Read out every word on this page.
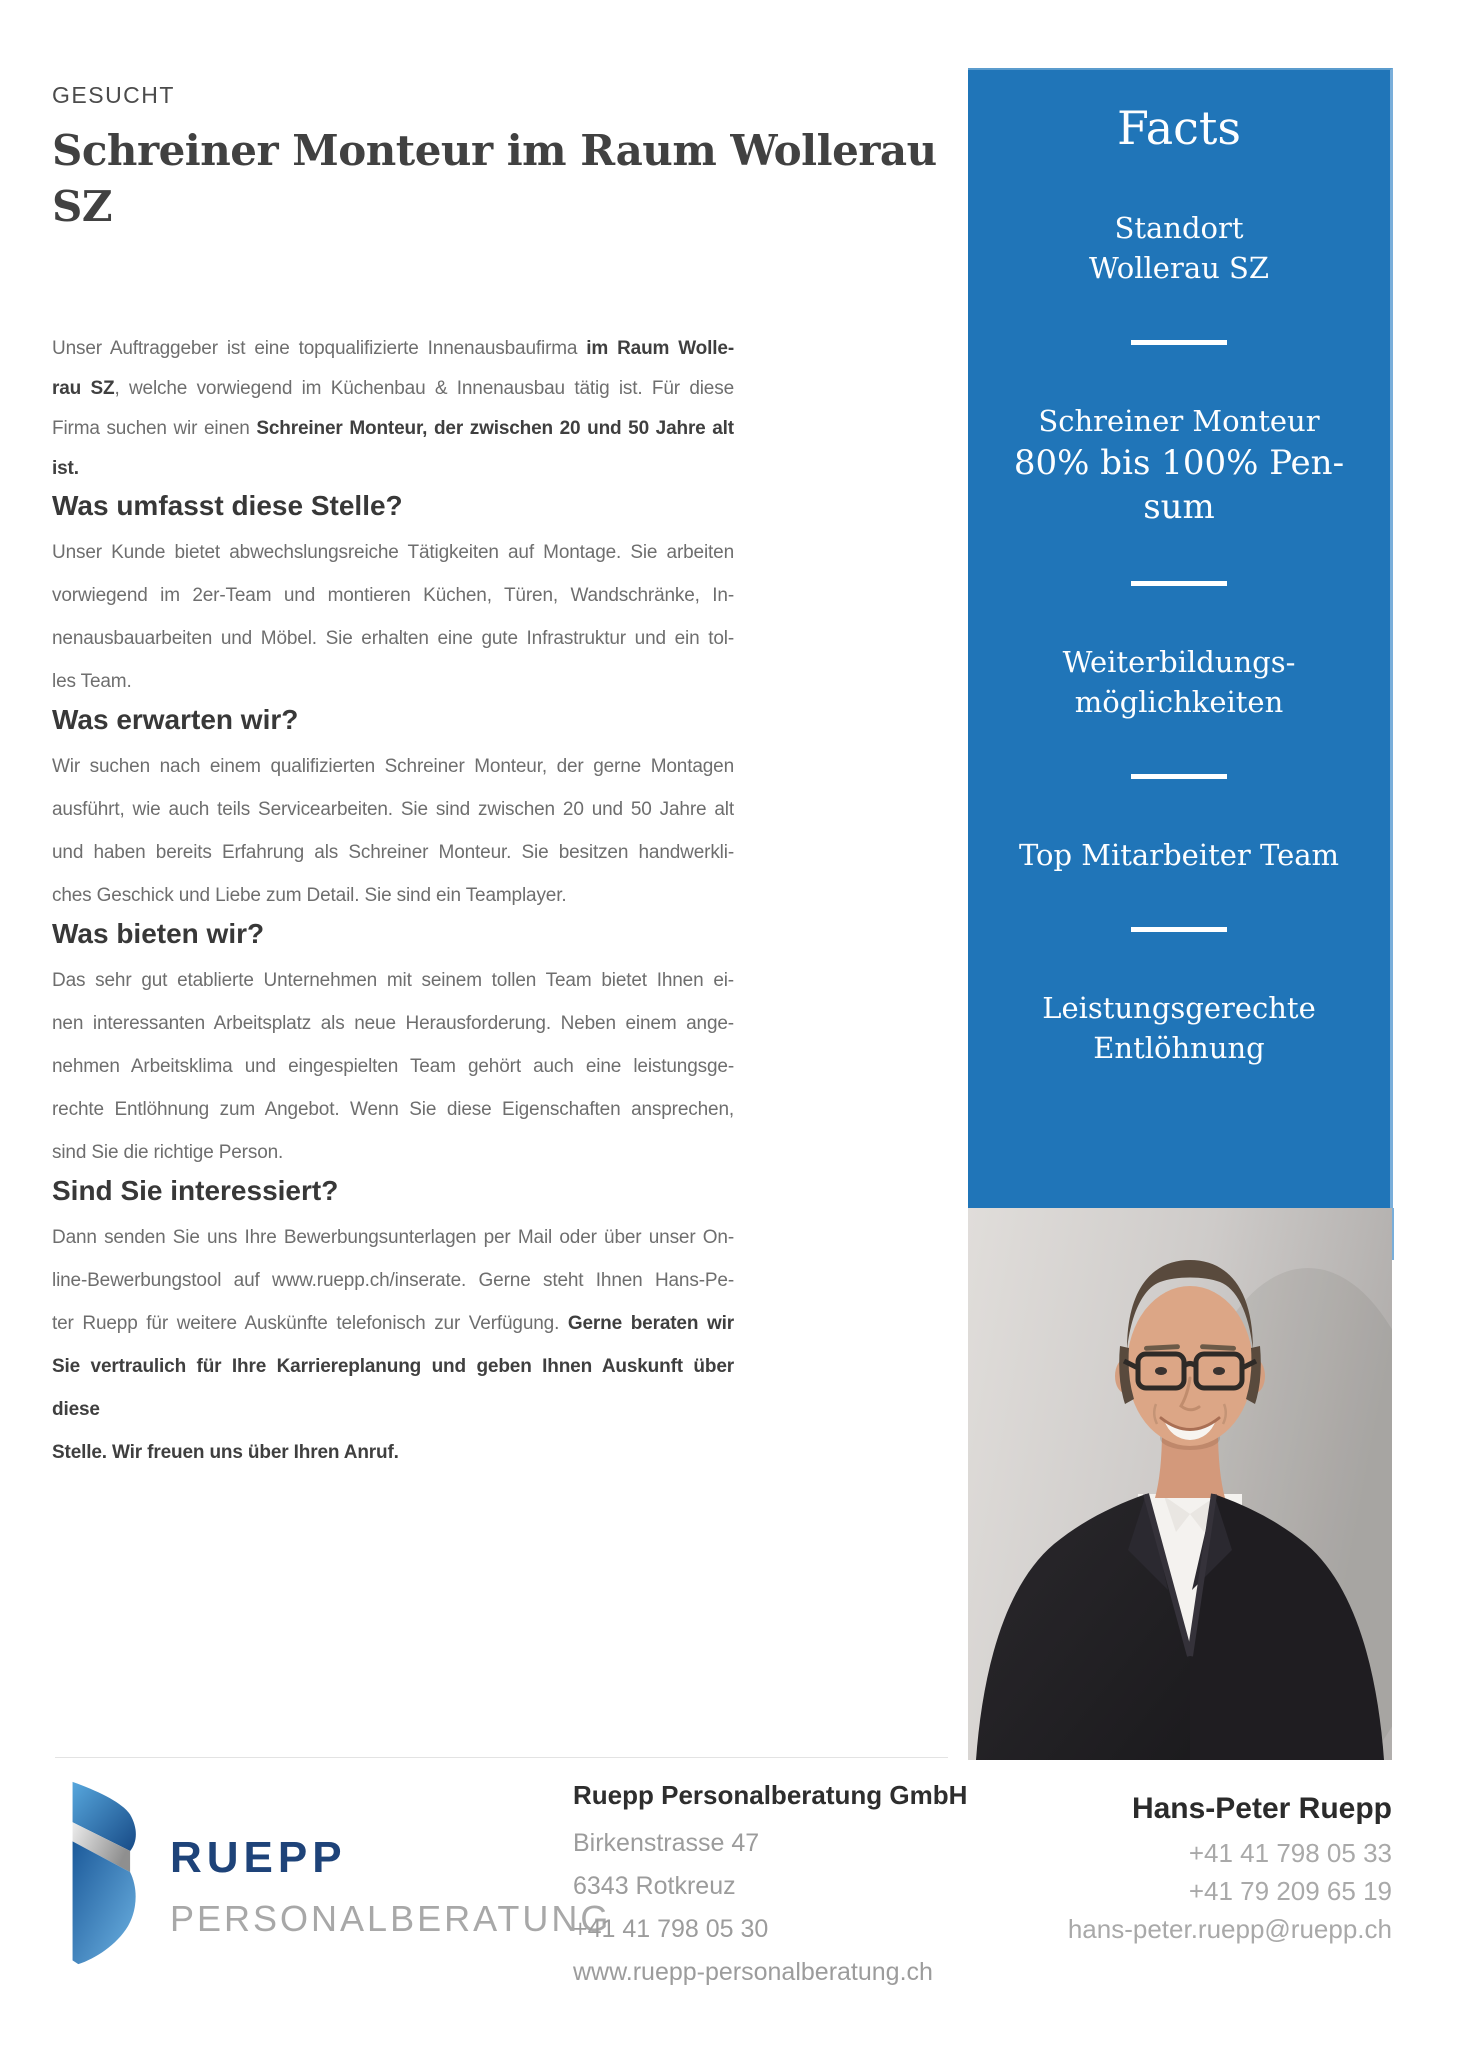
GESUCHT
Schreiner Monteur im Raum Wollerau
SZ
Unser Auftraggeber ist eine topqualifizierte Innenausbaufirma im Raum Wolle-
rau SZ, welche vorwiegend im Küchenbau & Innenausbau tätig ist. Für diese
Firma suchen wir einen Schreiner Monteur, der zwischen 20 und 50 Jahre alt
ist.
Was umfasst diese Stelle?
Unser Kunde bietet abwechslungsreiche Tätigkeiten auf Montage. Sie arbeiten
vorwiegend im 2er-Team und montieren Küchen, Türen, Wandschränke, In-
nenausbauarbeiten und Möbel. Sie erhalten eine gute Infrastruktur und ein tol-
les Team.
Was erwarten wir?
Wir suchen nach einem qualifizierten Schreiner Monteur, der gerne Montagen
ausführt, wie auch teils Servicearbeiten. Sie sind zwischen 20 und 50 Jahre alt
und haben bereits Erfahrung als Schreiner Monteur. Sie besitzen handwerkli-
ches Geschick und Liebe zum Detail. Sie sind ein Teamplayer.
Was bieten wir?
Das sehr gut etablierte Unternehmen mit seinem tollen Team bietet Ihnen ei-
nen interessanten Arbeitsplatz als neue Herausforderung. Neben einem ange-
nehmen Arbeitsklima und eingespielten Team gehört auch eine leistungsge-
rechte Entlöhnung zum Angebot. Wenn Sie diese Eigenschaften ansprechen,
sind Sie die richtige Person.
Sind Sie interessiert?
Dann senden Sie uns Ihre Bewerbungsunterlagen per Mail oder über unser On-
line-Bewerbungstool auf www.ruepp.ch/inserate. Gerne steht Ihnen Hans-Pe-
ter Ruepp für weitere Auskünfte telefonisch zur Verfügung. Gerne beraten wir
Sie vertraulich für Ihre Karriereplanung und geben Ihnen Auskunft über diese
Stelle. Wir freuen uns über Ihren Anruf.
Facts
Standort
Wollerau SZ
Schreiner Monteur
80% bis 100% Pen-
sum
Weiterbildungs-
möglichkeiten
Top Mitarbeiter Team
Leistungsgerechte
Entlöhnung
RUEPP
PERSONALBERATUNG
Ruepp Personalberatung GmbH
Birkenstrasse 47
6343 Rotkreuz
+41 41 798 05 30
www.ruepp-personalberatung.ch
Hans-Peter Ruepp
+41 41 798 05 33
+41 79 209 65 19
hans-peter.ruepp@ruepp.ch
